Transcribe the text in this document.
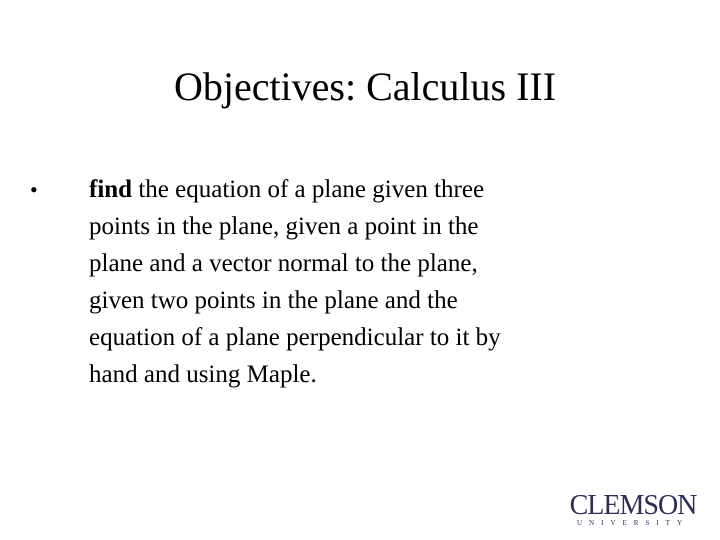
Objectives: Calculus III
•	find the equation of a plane given three
points in the plane, given a point in the
plane and a vector normal to the plane,
given two points in the plane and the
equation of a plane perpendicular to it by
hand and using Maple.
CLEMSON
UNIVERSITY
